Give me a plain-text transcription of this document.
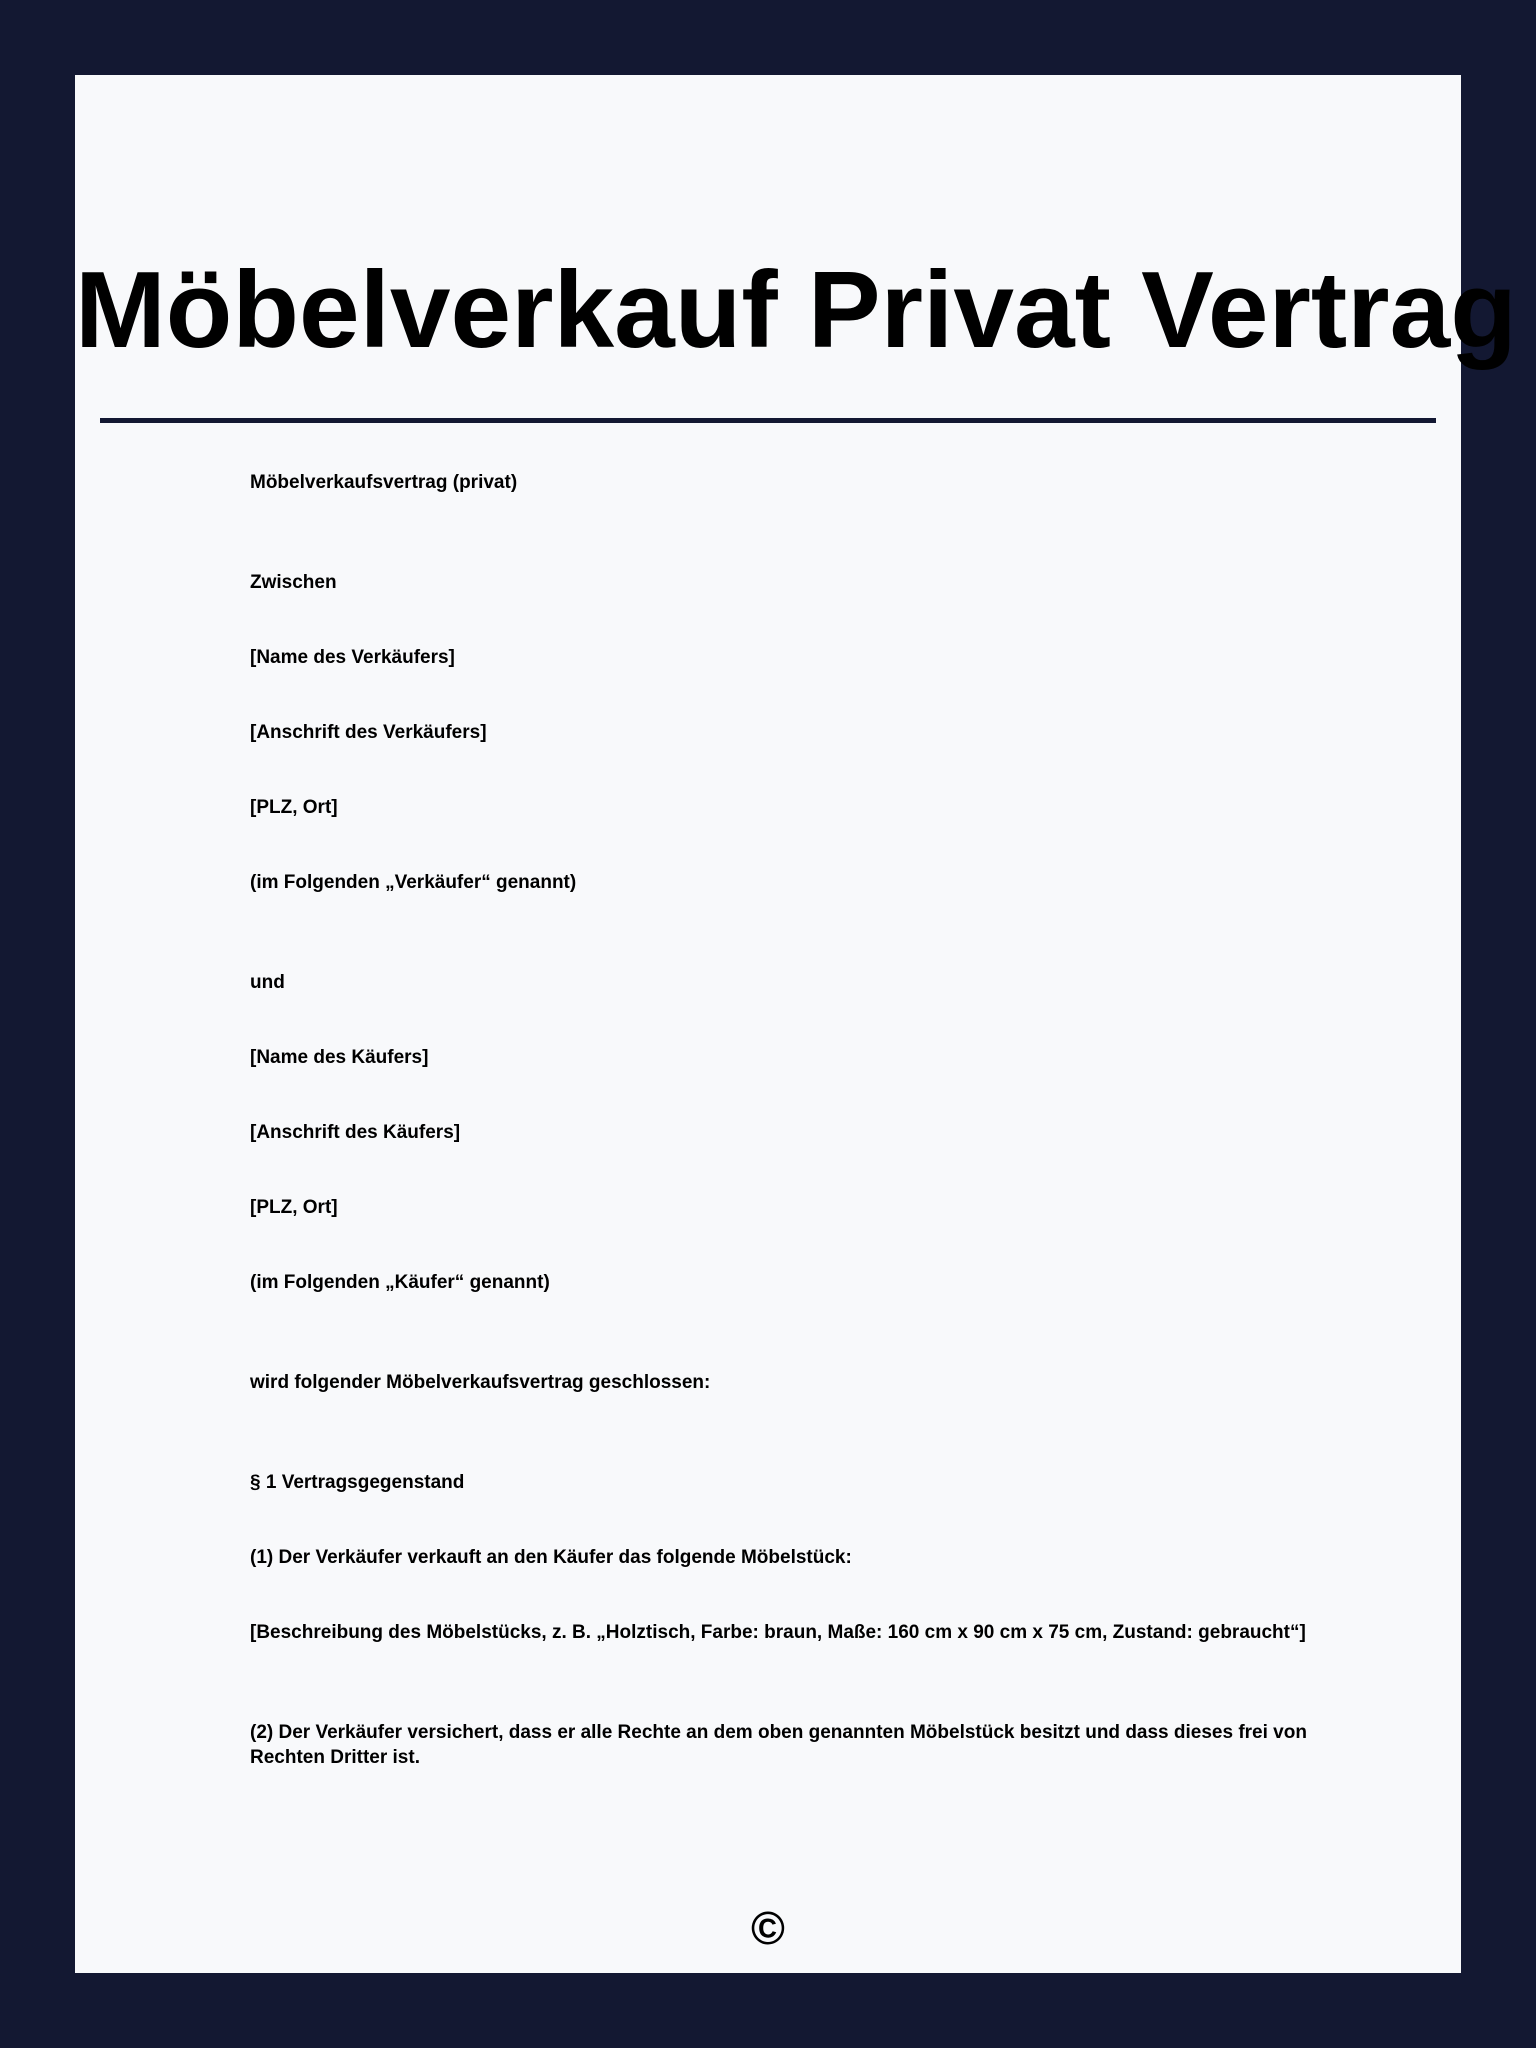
Möbelverkauf Privat Vertrag
Möbelverkaufsvertrag (privat)
Zwischen
[Name des Verkäufers]
[Anschrift des Verkäufers]
[PLZ, Ort]
(im Folgenden „Verkäufer“ genannt)
und
[Name des Käufers]
[Anschrift des Käufers]
[PLZ, Ort]
(im Folgenden „Käufer“ genannt)
wird folgender Möbelverkaufsvertrag geschlossen:
§ 1 Vertragsgegenstand
(1) Der Verkäufer verkauft an den Käufer das folgende Möbelstück:
[Beschreibung des Möbelstücks, z. B. „Holztisch, Farbe: braun, Maße: 160 cm x 90 cm x 75 cm, Zustand: gebraucht“]
(2) Der Verkäufer versichert, dass er alle Rechte an dem oben genannten Möbelstück besitzt und dass dieses frei von Rechten Dritter ist.
©
